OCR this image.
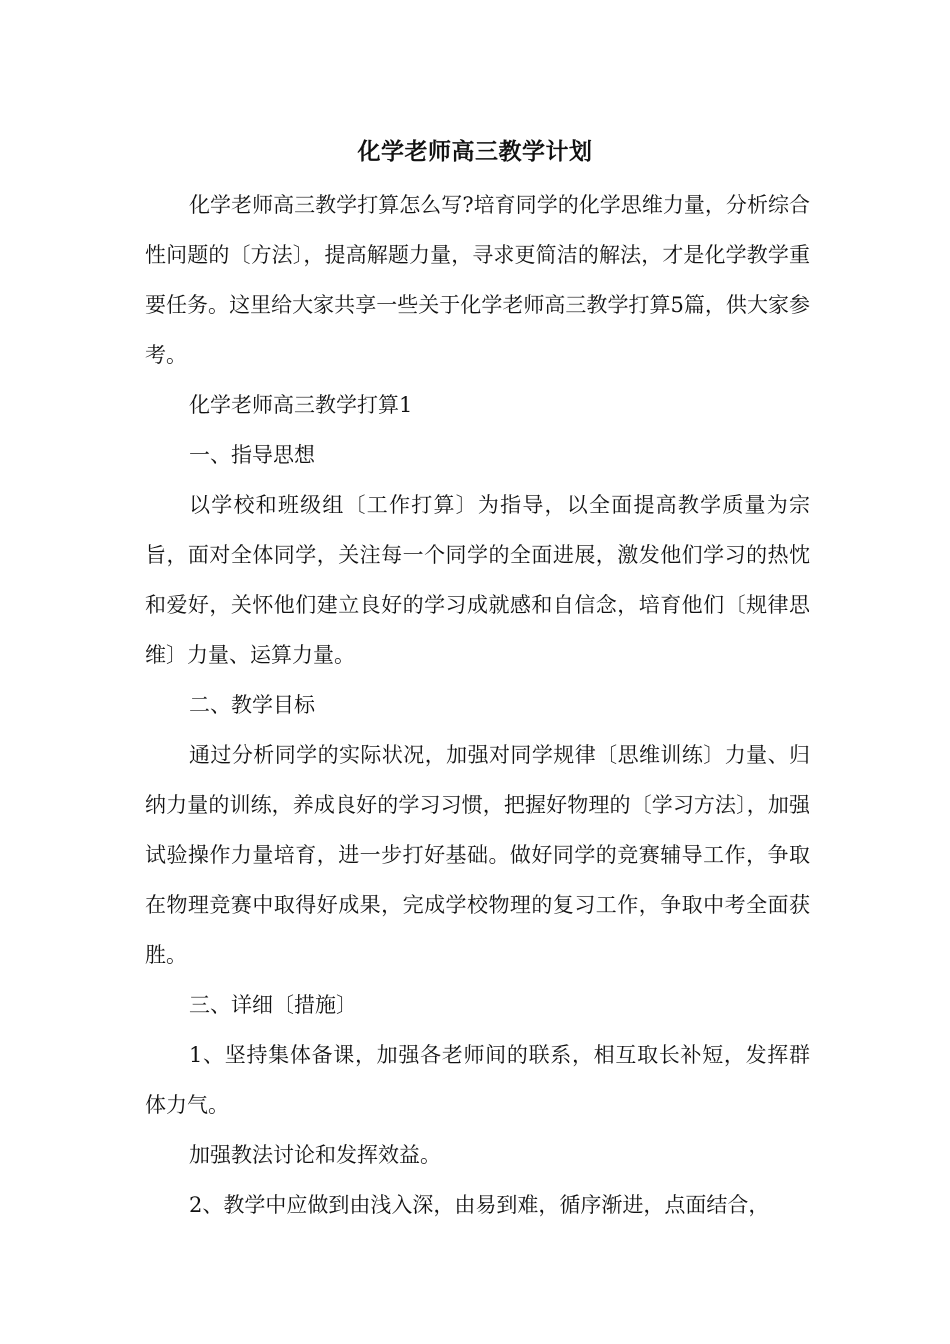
化学老师高三教学计划

化学老师高三教学打算怎么写?培育同学的化学思维力量，分析综合性问题的〔方法〕，提高解题力量，寻求更简洁的解法，才是化学教学重要任务。这里给大家共享一些关于化学老师高三教学打算5篇，供大家参考。

化学老师高三教学打算1

一、指导思想

以学校和班级组〔工作打算〕为指导，以全面提高教学质量为宗旨，面对全体同学，关注每一个同学的全面进展，激发他们学习的热忱和爱好，关怀他们建立良好的学习成就感和自信念，培育他们〔规律思维〕力量、运算力量。

二、教学目标

通过分析同学的实际状况，加强对同学规律〔思维训练〕力量、归纳力量的训练，养成良好的学习习惯，把握好物理的〔学习方法〕，加强试验操作力量培育，进一步打好基础。做好同学的竞赛辅导工作，争取在物理竞赛中取得好成果，完成学校物理的复习工作，争取中考全面获胜。

三、详细〔措施〕

1、坚持集体备课，加强各老师间的联系，相互取长补短，发挥群体力气。

加强教法讨论和发挥效益。

2、教学中应做到由浅入深，由易到难，循序渐进，点面结合，
